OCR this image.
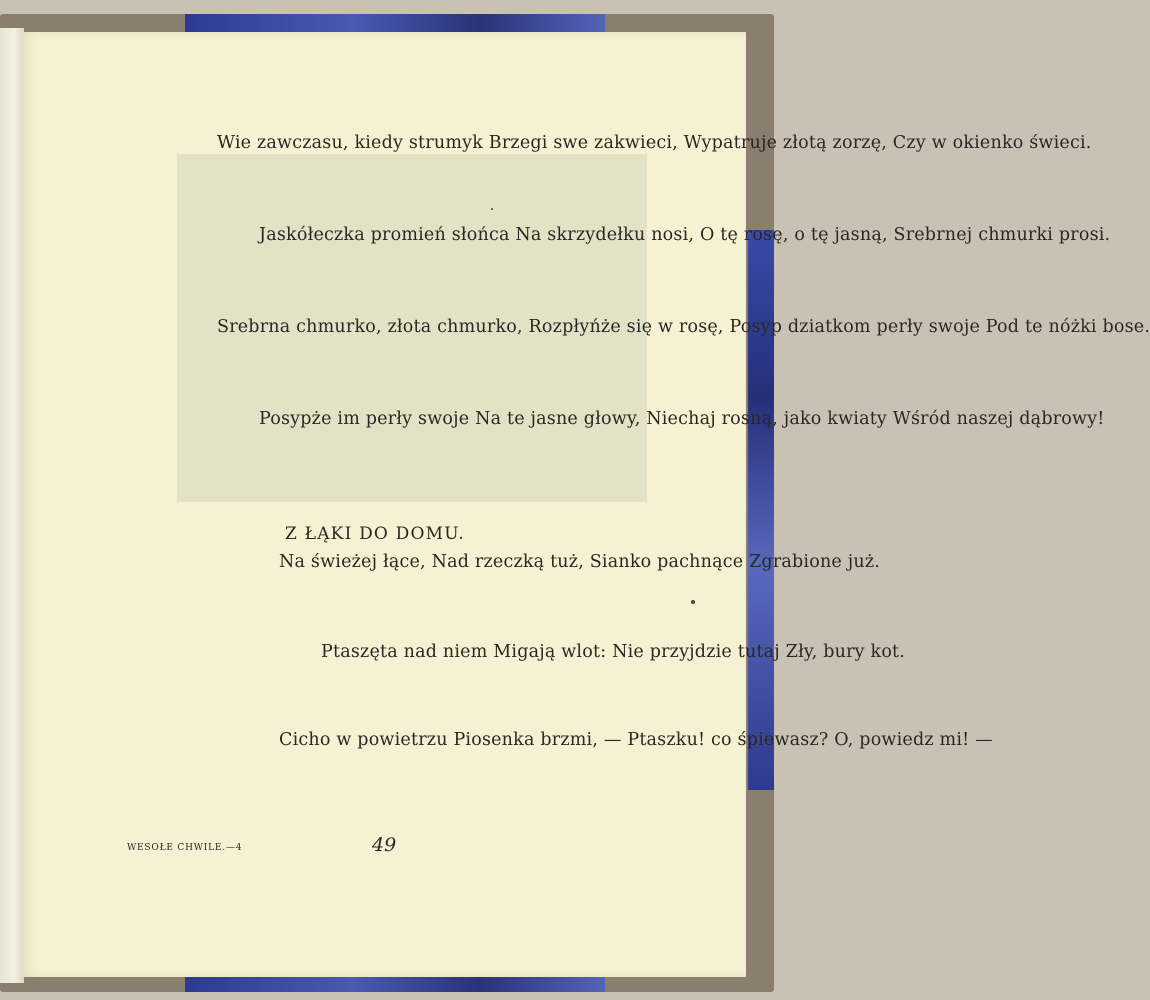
Wie zawczasu, kiedy strumyk Brzegi swe zakwieci, Wypatruje złotą zorzę, Czy w okienko świeci.
Jaskółeczka promień słońca Na skrzydełku nosi, O tę rosę, o tę jasną, Srebrnej chmurki prosi.
Srebrna chmurko, złota chmurko, Rozpłyńże się w rosę, Posyp dziatkom perły swoje Pod te nóżki bose.
Posypże im perły swoje Na te jasne głowy, Niechaj rosną, jako kwiaty Wśród naszej dąbrowy!
Z ŁĄKI DO DOMU.
Na świeżej łące, Nad rzeczką tuż, Sianko pachnące Zgrabione już.
Ptaszęta nad niem Migają wlot: Nie przyjdzie tutaj Zły, bury kot.
Cicho w powietrzu Piosenka brzmi, — Ptaszku! co śpiewasz? O, powiedz mi! —
WESOŁE CHWILE.—4	49
